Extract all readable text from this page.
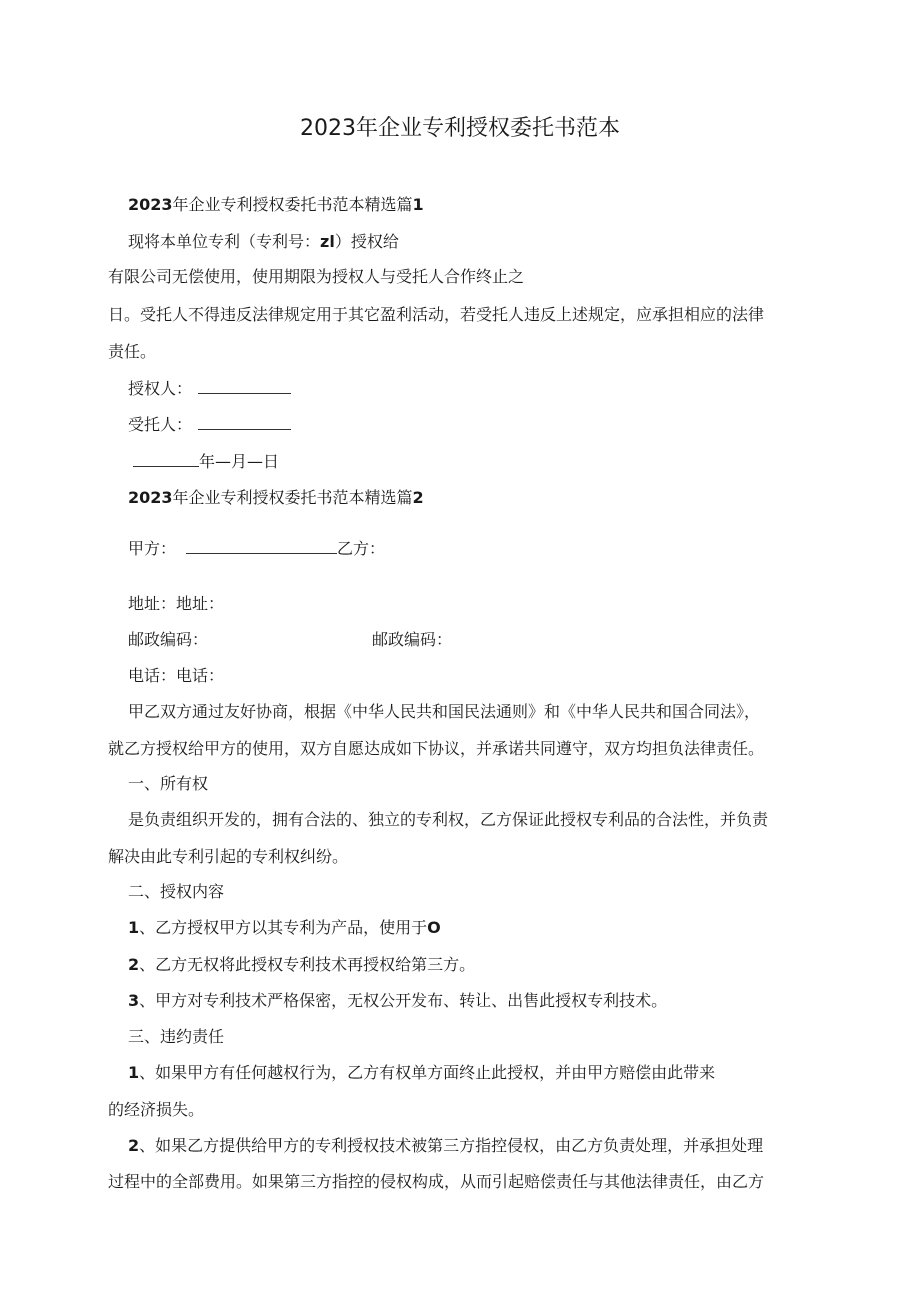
2023年企业专利授权委托书范本
2023年企业专利授权委托书范本精选篇1
现将本单位专利（专利号：zl）授权给
有限公司无偿使用，使用期限为授权人与受托人合作终止之
日。受托人不得违反法律规定用于其它盈利活动，若受托人违反上述规定，应承担相应的法律
责任。
授权人：
受托人：
年—月—日
2023年企业专利授权委托书范本精选篇2
甲方：	乙方：
地址：地址：
邮政编码：	邮政编码：
电话：电话：
甲乙双方通过友好协商，根据《中华人民共和国民法通则》和《中华人民共和国合同法》，
就乙方授权给甲方的使用，双方自愿达成如下协议，并承诺共同遵守，双方均担负法律责任。
一、所有权
是负责组织开发的，拥有合法的、独立的专利权，乙方保证此授权专利品的合法性，并负责
解决由此专利引起的专利权纠纷。
二、授权内容
1、乙方授权甲方以其专利为产品，使用于O
2、乙方无权将此授权专利技术再授权给第三方。
3、甲方对专利技术严格保密，无权公开发布、转让、出售此授权专利技术。
三、违约责任
1、如果甲方有任何越权行为，乙方有权单方面终止此授权，并由甲方赔偿由此带来
的经济损失。
2、如果乙方提供给甲方的专利授权技术被第三方指控侵权，由乙方负责处理，并承担处理
过程中的全部费用。如果第三方指控的侵权构成，从而引起赔偿责任与其他法律责任，由乙方
